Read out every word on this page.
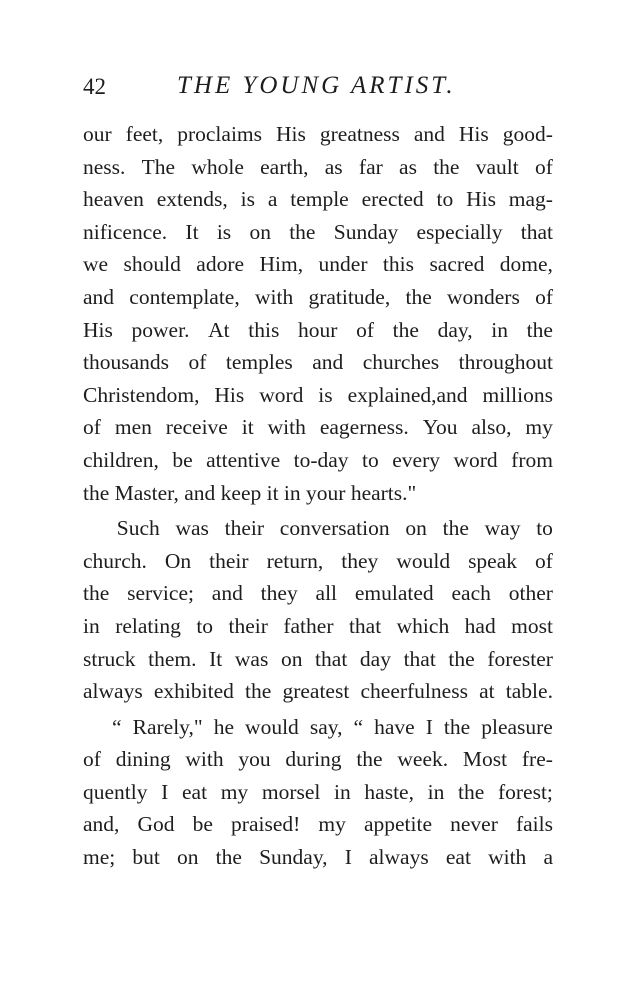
42	THE YOUNG ARTIST.
our feet, proclaims His greatness and His good-
ness. The whole earth, as far as the vault of
heaven extends, is a temple erected to His mag-
nificence. It is on the Sunday especially that
we should adore Him, under this sacred dome,
and contemplate, with gratitude, the wonders of
His power. At this hour of the day, in the
thousands of temples and churches throughout
Christendom, His word is explained,and millions
of men receive it with eagerness. You also, my
children, be attentive to-day to every word from
the Master, and keep it in your hearts."
Such was their conversation on the way to
church. On their return, they would speak of
the service; and they all emulated each other
in relating to their father that which had most
struck them. It was on that day that the forester
always exhibited the greatest cheerfulness at table.
“ Rarely," he would say, “ have I the pleasure
of dining with you during the week. Most fre-
quently I eat my morsel in haste, in the forest;
and, God be praised! my appetite never fails
me; but on the Sunday, I always eat with a
